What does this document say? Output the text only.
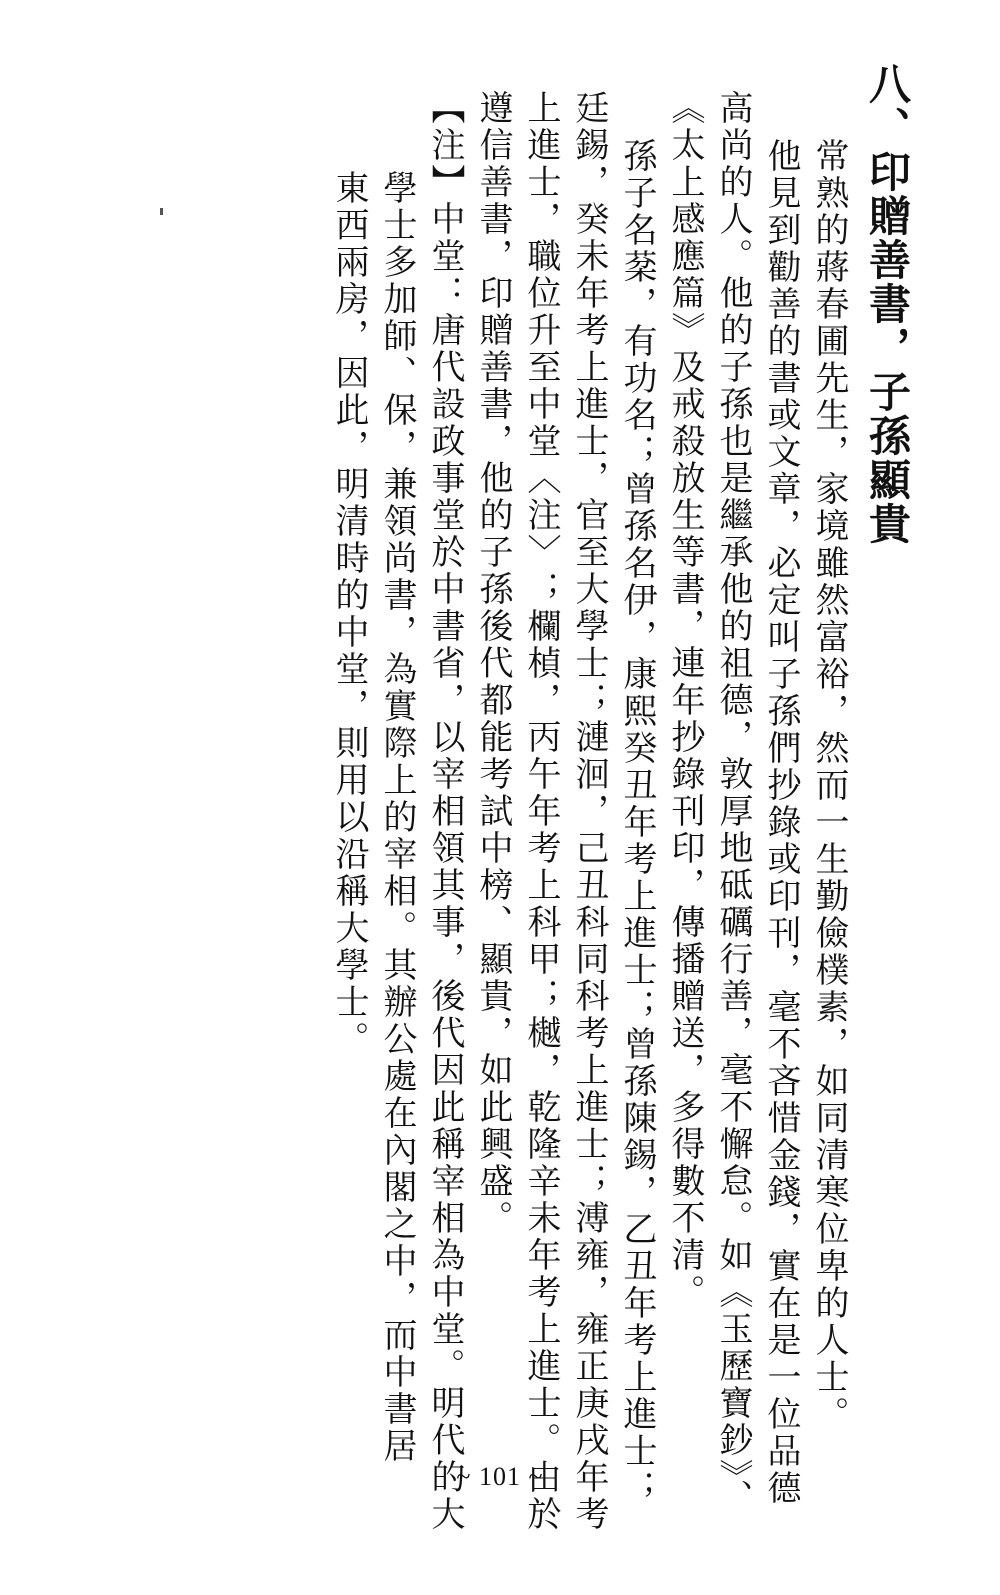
八、印贈善書，子孫顯貴
常熟的蔣春圃先生，家境雖然富裕，然而一生勤儉樸素，如同清寒位卑的人士。
他見到勸善的書或文章，必定叫子孫們抄錄或印刊，毫不吝惜金錢，實在是一位品德
高尚的人。他的子孫也是繼承他的祖德，敦厚地砥礪行善，毫不懈怠。如《玉歷寶鈔》、
《太上感應篇》及戒殺放生等書，連年抄錄刊印，傳播贈送，多得數不清。
孫子名棻，有功名；曾孫名伊，康熙癸丑年考上進士；曾孫陳錫，乙丑年考上進士；
廷錫，癸未年考上進士，官至大學士；漣洄，己丑科同科考上進士；溥雍，雍正庚戌年考
上進士，職位升至中堂〈注〉；欄楨，丙午年考上科甲；樾，乾隆辛未年考上進士。由於
遵信善書，印贈善書，他的子孫後代都能考試中榜、顯貴，如此興盛。
【注】中堂：唐代設政事堂於中書省，以宰相領其事，後代因此稱宰相為中堂。明代的大
學士多加師、保，兼領尚書，為實際上的宰相。其辦公處在內閣之中，而中書居
東西兩房，因此，明清時的中堂，則用以沿稱大學士。
~ 101 ~
